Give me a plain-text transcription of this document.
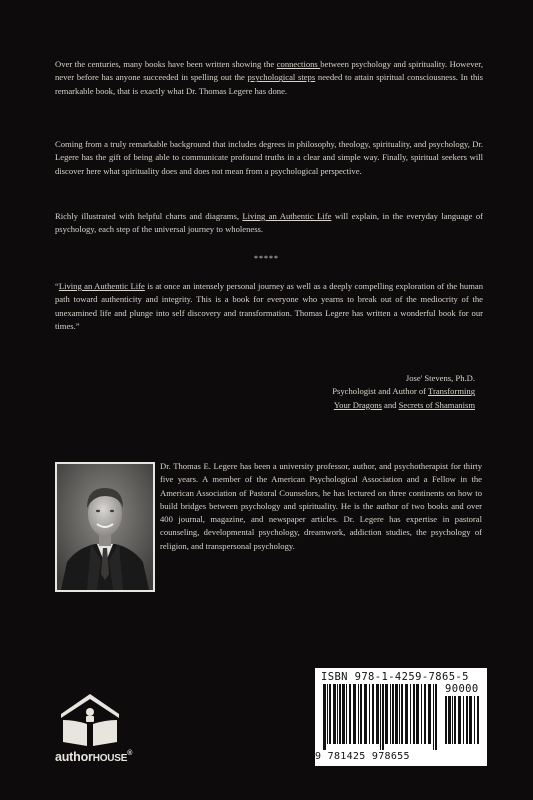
Over the centuries, many books have been written showing the connections between psychology and spirituality. However, never before has anyone succeeded in spelling out the psychological steps needed to attain spiritual consciousness. In this remarkable book, that is exactly what Dr. Thomas Legere has done.

Coming from a truly remarkable background that includes degrees in philosophy, theology, spirituality, and psychology, Dr. Legere has the gift of being able to communicate profound truths in a clear and simple way. Finally, spiritual seekers will discover here what spirituality does and does not mean from a psychological perspective.

Richly illustrated with helpful charts and diagrams, Living an Authentic Life will explain, in the everyday language of psychology, each step of the universal journey to wholeness.

*****

“Living an Authentic Life is at once an intensely personal journey as well as a deeply compelling exploration of the human path toward authenticity and integrity. This is a book for everyone who yearns to break out of the mediocrity of the unexamined life and plunge into self discovery and transformation. Thomas Legere has written a wonderful book for our times.”

Jose' Stevens, Ph.D.
Psychologist and Author of Transforming
Your Dragons and Secrets of Shamanism

Dr. Thomas E. Legere has been a university professor, author, and psychotherapist for thirty five years. A member of the American Psychological Association and a Fellow in the American Association of Pastoral Counselors, he has lectured on three continents on how to build bridges between psychology and spirituality. He is the author of two books and over 400 journal, magazine, and newspaper articles. Dr. Legere has expertise in pastoral counseling, developmental psychology, dreamwork, addiction studies, the psychology of religion, and transpersonal psychology.

authorHOUSE®
ISBN 978-1-4259-7865-5
90000
9 781425 978655
